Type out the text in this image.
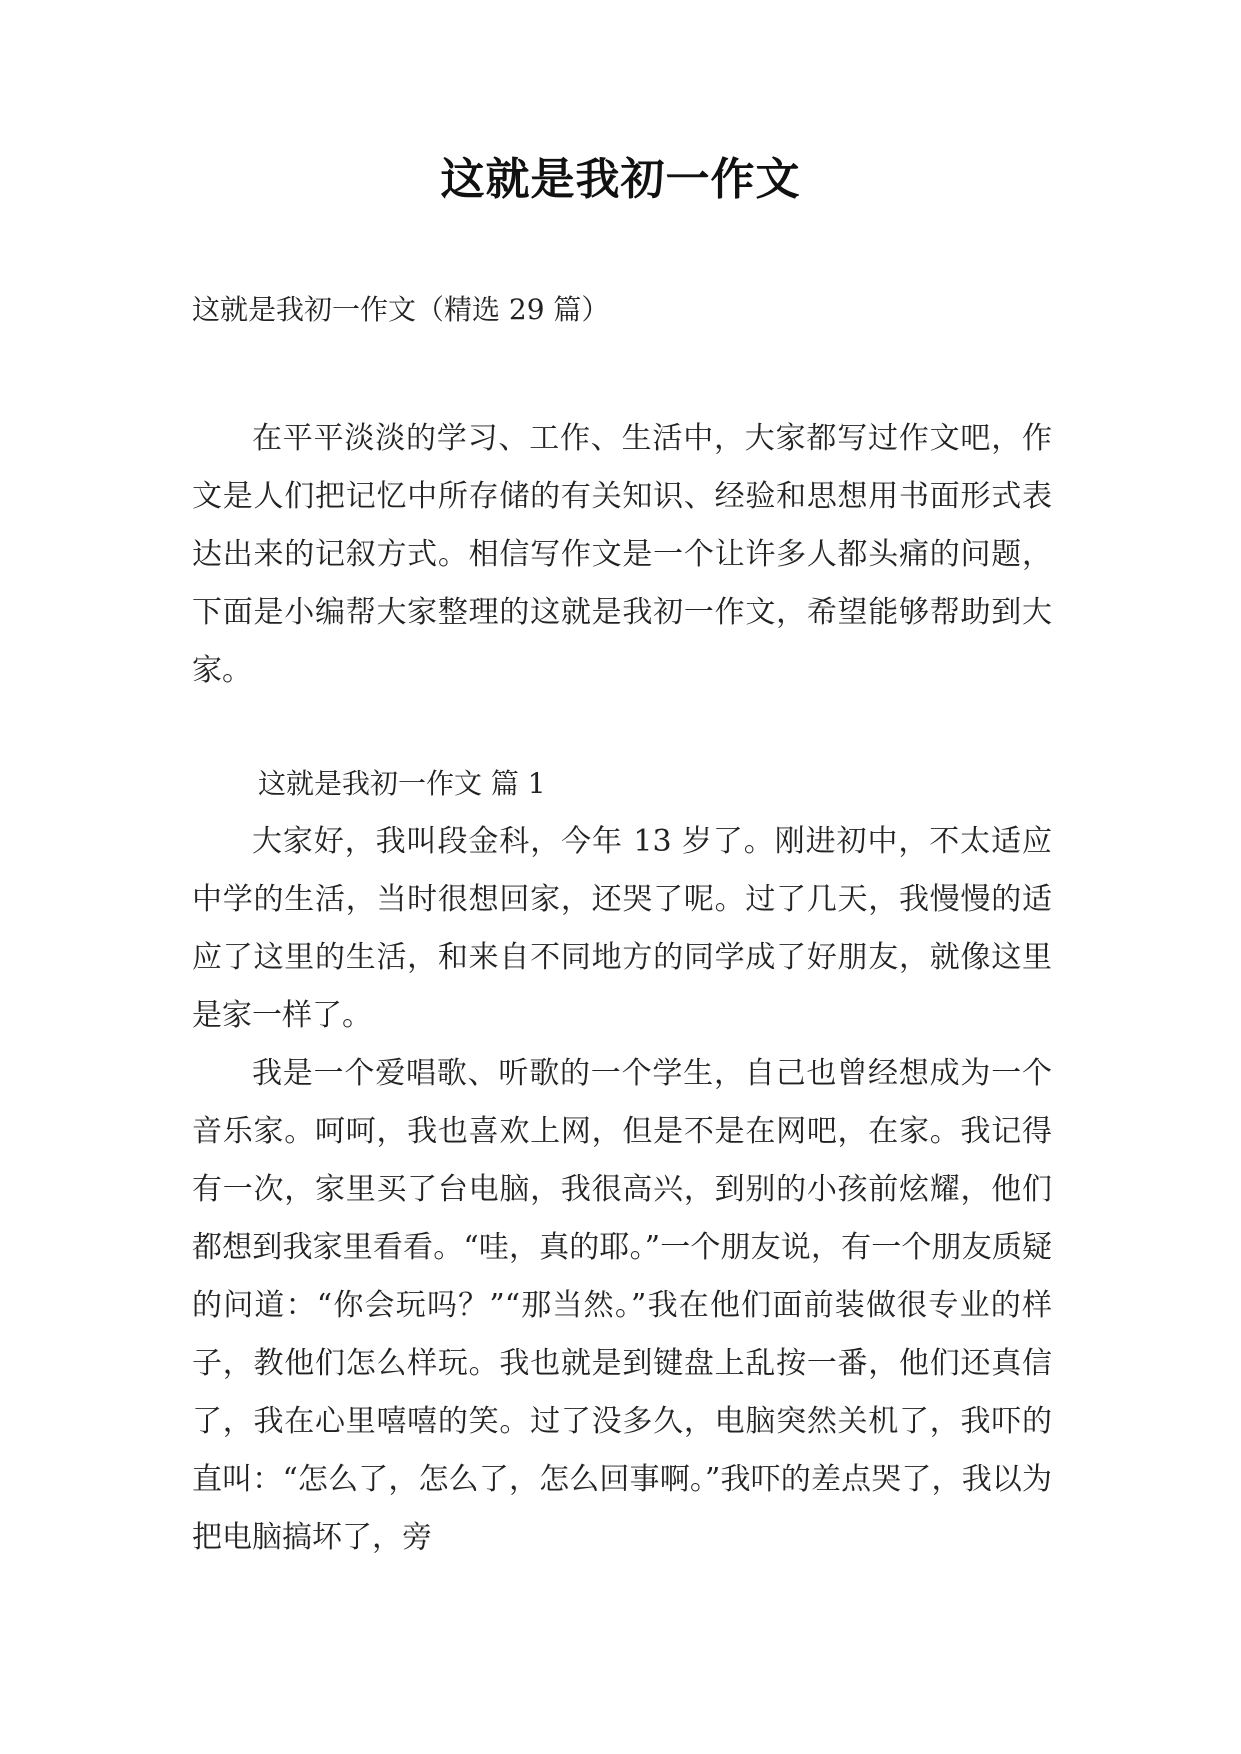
这就是我初一作文
这就是我初一作文（精选 29 篇）

在平平淡淡的学习、工作、生活中，大家都写过作文吧，作文是人们把记忆中所存储的有关知识、经验和思想用书面形式表达出来的记叙方式。相信写作文是一个让许多人都头痛的问题，下面是小编帮大家整理的这就是我初一作文，希望能够帮助到大家。

这就是我初一作文 篇 1

大家好，我叫段金科，今年 13 岁了。刚进初中，不太适应中学的生活，当时很想回家，还哭了呢。过了几天，我慢慢的适应了这里的生活，和来自不同地方的同学成了好朋友，就像这里是家一样了。

我是一个爱唱歌、听歌的一个学生，自己也曾经想成为一个音乐家。呵呵，我也喜欢上网，但是不是在网吧，在家。我记得有一次，家里买了台电脑，我很高兴，到别的小孩前炫耀，他们都想到我家里看看。“哇，真的耶。”一个朋友说，有一个朋友质疑的问道：“你会玩吗？”“那当然。”我在他们面前装做很专业的样子，教他们怎么样玩。我也就是到键盘上乱按一番，他们还真信了，我在心里嘻嘻的笑。过了没多久，电脑突然关机了，我吓的直叫：“怎么了，怎么了，怎么回事啊。”我吓的差点哭了，我以为把电脑搞坏了，旁
